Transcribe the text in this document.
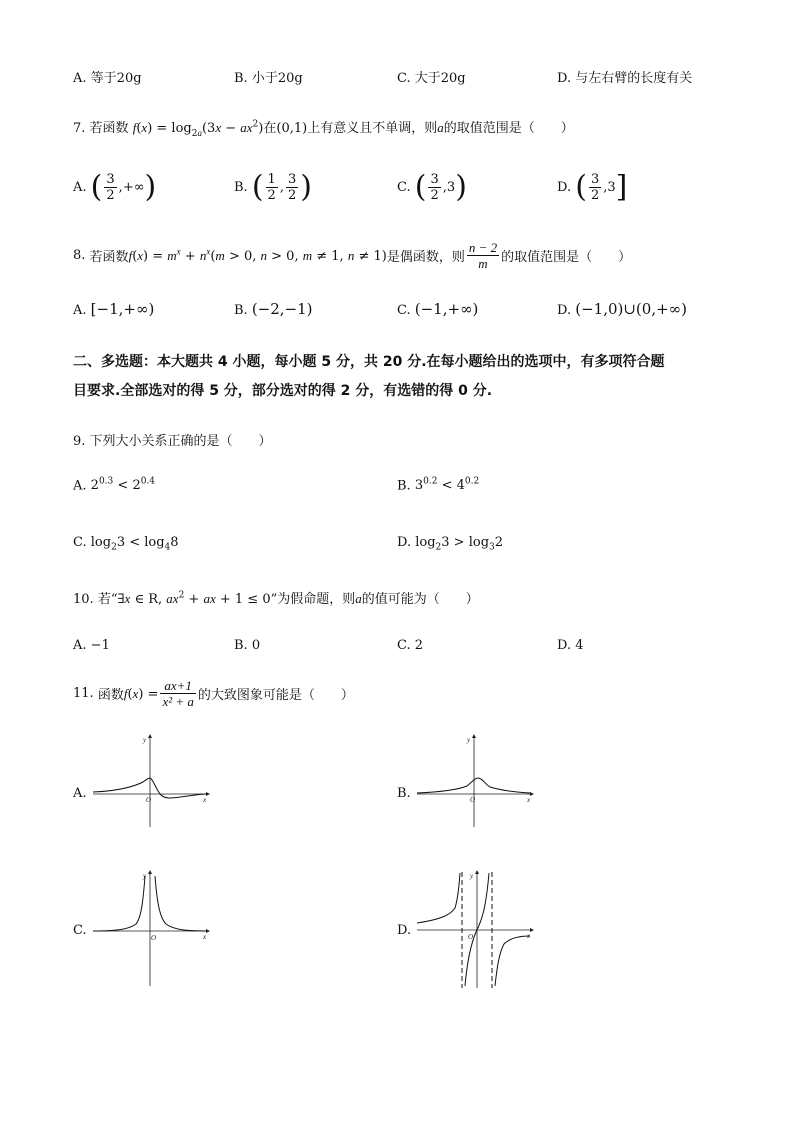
A. 等于20g	B. 小于20g	C. 大于20g	D. 与左右臂的长度有关
7. 若函数 $f(x) = \log_{2a}(3x - ax^2)$在(0,1)上有意义且不单调，则a的取值范围是（　　）
A. ( $\frac{3}{2}$ ,+∞)	B. ( $\frac{1}{2}$ , $\frac{3}{2}$ )	C. ( $\frac{3}{2} ,3$)	D. ( $\frac{3}{2} ,3$]
8. 若函数$f(x) = m^x + n^x(m > 0$, n > 0, m ≠ 1, n ≠ 1)是偶函数，则 $\frac{n - 2}{m}$ 的取值范围是（　　）
A. [−1,+∞)	B. (−2,−1)	C. (−1,+∞)	D. (−1,0)∪(0,+∞)
二、多选题：本大题共 4 小题，每小题 5 分，共 20 分.在每小题给出的选项中，有多项符合题
目要求.全部选对的得 5 分，部分选对的得 2 分，有选错的得 0 分.
9. 下列大小关系正确的是（　　）
A. $2^{0.3} < 2^{0.4}$	B. $3^{0.2} < 4^{0.2}$
C. $\log_23 < \log_48$	D. $\log_23 > \log_32$
10. 若“∃x ∈ R, $ax^2$ + ax + 1 ≤ 0”为假命题，则a的值可能为（　　）
A. −1	B. 0	C. 2	D. 4
11. 函数$f(x) = \frac{ax+1}{\text{x² + a}}$ 的大致图象可能是（　　）
A.	B.
C.	D.
y
x
O
y
x
O
y
x
O
y
x
O
